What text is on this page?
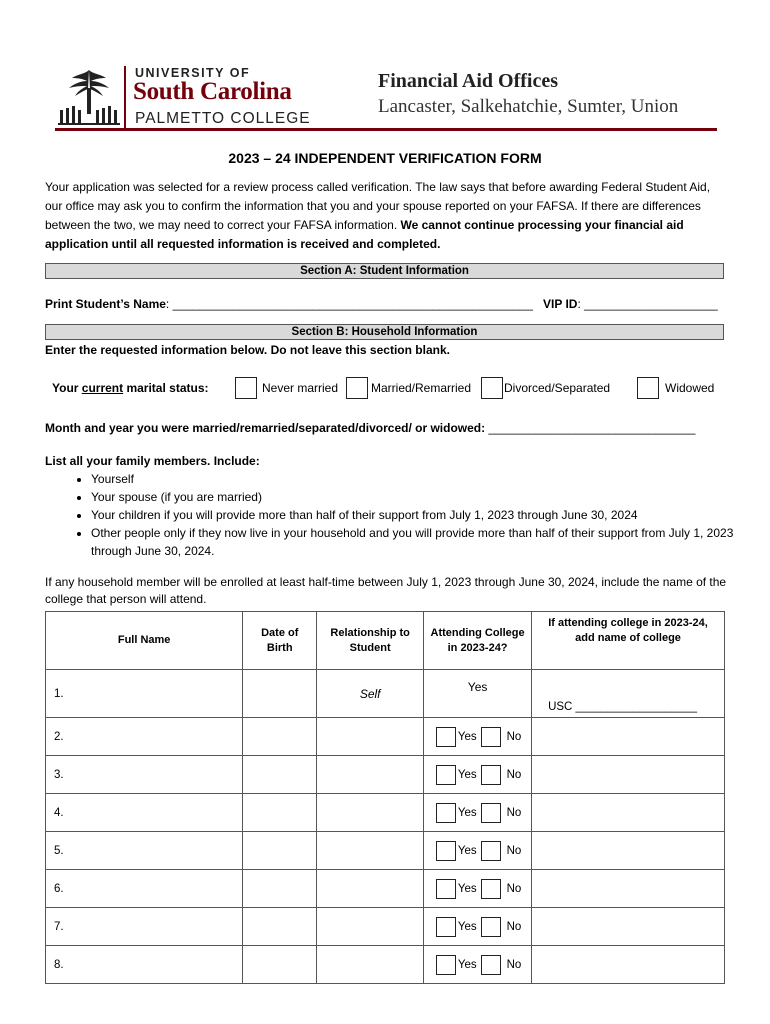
UNIVERSITY OF
South Carolina
PALMETTO COLLEGE
Financial Aid Offices
Lancaster, Salkehatchie, Sumter, Union
2023 – 24 INDEPENDENT VERIFICATION FORM
Your application was selected for a review process called verification. The law says that before awarding Federal Student Aid, our office may ask you to confirm the information that you and your spouse reported on your FAFSA. If there are differences between the two, we may need to correct your FAFSA information. We cannot continue processing your financial aid application until all requested information is received and completed.
Section A: Student Information
Print Student’s Name: ______________________________________________________ VIP ID: ____________________
Section B: Household Information
Enter the requested information below. Do not leave this section blank.
Your current marital status:	Never married	Married/Remarried	Divorced/Separated	Widowed
Month and year you were married/remarried/separated/divorced/ or widowed: _______________________________
List all your family members. Include:
• Yourself
• Your spouse (if you are married)
• Your children if you will provide more than half of their support from July 1, 2023 through June 30, 2024
• Other people only if they now live in your household and you will provide more than half of their support from July 1, 2023 through June 30, 2024.
If any household member will be enrolled at least half-time between July 1, 2023 through June 30, 2024, include the name of the college that person will attend.
Full Name	Date of Birth	Relationship to Student	Attending College in 2023-24?	If attending college in 2023-24, add name of college

1.		Self	Yes	USC ___________________
2.			Yes No	

3.			Yes No	

4.			Yes No	

5.			Yes No	

6.			Yes No	

7.			Yes No	

8.			Yes No	
